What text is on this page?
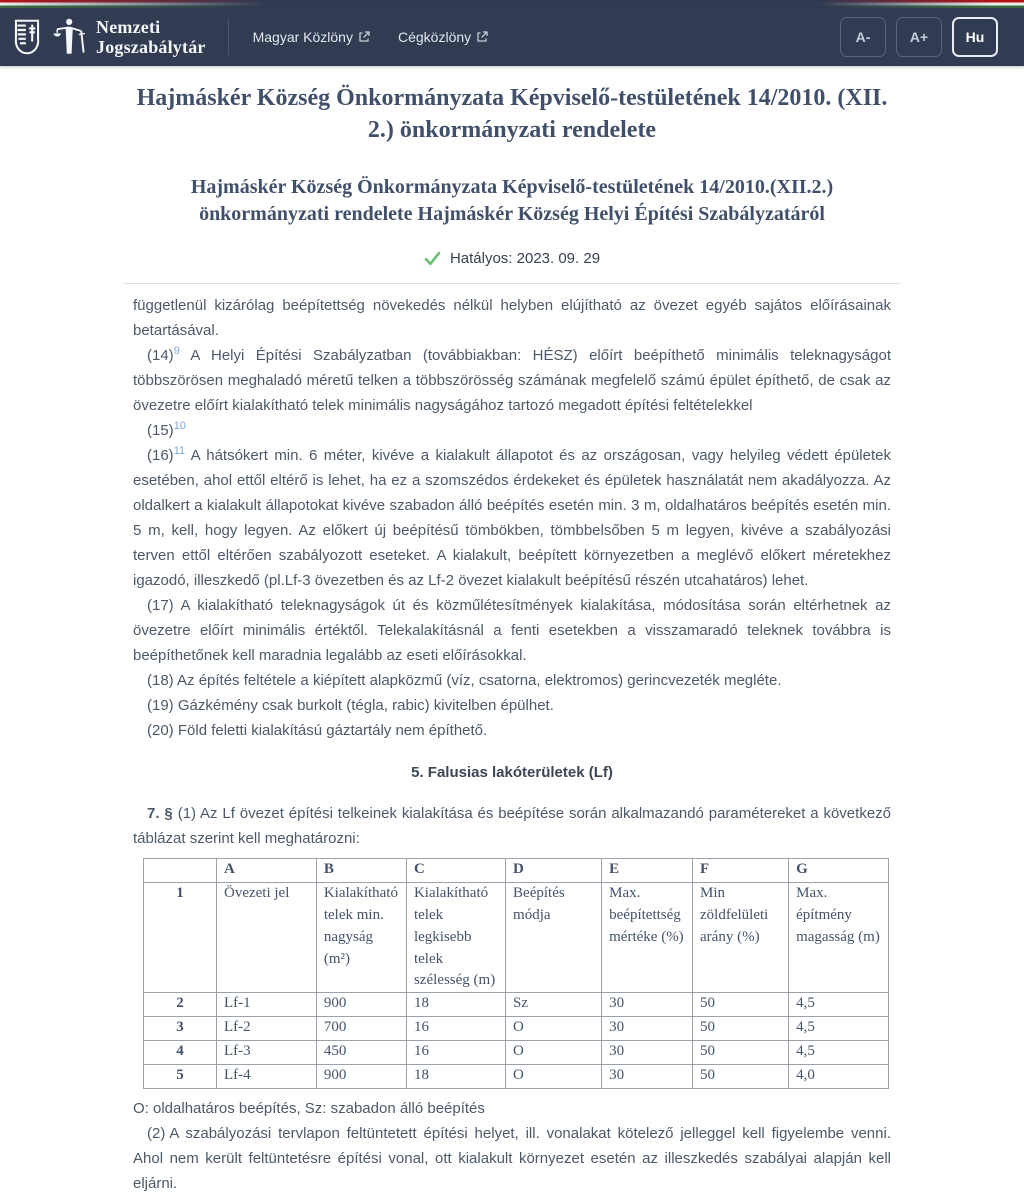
Nemzeti
Jogszabálytár	Magyar Közlöny	Cégközlöny	A-	A+	Hu
Hajmáskér Község Önkormányzata Képviselő-testületének 14/2010. (XII. 2.) önkormányzati rendelete
Hajmáskér Község Önkormányzata Képviselő-testületének 14/2010.(XII.2.) önkormányzati rendelete Hajmáskér Község Helyi Építési Szabályzatáról
Hatályos: 2023. 09. 29

függetlenül kizárólag beépítettség növekedés nélkül helyben elújítható az övezet egyéb sajátos előírásainak betartásával.

(14)$^9$ A Helyi Építési Szabályzatban (továbbiakban: HÉSZ) előírt beépíthető minimális teleknagyságot többszörösen meghaladó méretű telken a többszörösség számának megfelelő számú épület építhető, de csak az övezetre előírt kialakítható telek minimális nagyságához tartozó megadott építési feltételekkel

(15)$^{10}$

(16)$^{11}$ A hátsókert min. 6 méter, kivéve a kialakult állapotot és az országosan, vagy helyileg védett épületek esetében, ahol ettől eltérő is lehet, ha ez a szomszédos érdekeket és épületek használatát nem akadályozza. Az oldalkert a kialakult állapotokat kivéve szabadon álló beépítés esetén min. 3 m, oldalhatáros beépítés esetén min. 5 m, kell, hogy legyen. Az előkert új beépítésű tömbökben, tömbbelsőben 5 m legyen, kivéve a szabályozási terven ettől eltérően szabályozott eseteket. A kialakult, beépített környezetben a meglévő előkert méretekhez igazodó, illeszkedő (pl.Lf-3 övezetben és az Lf-2 övezet kialakult beépítésű részén utcahatáros) lehet.

(17) A kialakítható teleknagyságok út és közműlétesítmények kialakítása, módosítása során eltérhetnek az övezetre előírt minimális értéktől. Telekalakításnál a fenti esetekben a visszamaradó teleknek továbbra is beépíthetőnek kell maradnia legalább az eseti előírásokkal.

(18) Az építés feltétele a kiépített alapközmű (víz, csatorna, elektromos) gerincvezeték megléte.

(19) Gázkémény csak burkolt (tégla, rabic) kivitelben épülhet.

(20) Föld feletti kialakítású gáztartály nem építhető.

5. Falusias lakóterületek (Lf)

7. § (1) Az Lf övezet építési telkeinek kialakítása és beépítése során alkalmazandó paramétereket a következő táblázat szerint kell meghatározni:

	A	B	C	D	E	F	G
1	Övezeti jel	Kialakítható telek min. nagyság (m²)	Kialakítható telek legkisebb telek szélesség (m)	Beépítés módja	Max. beépítettség mértéke (%)	Min zöldfelületi arány (%)	Max. építmény magasság (m)
2	Lf-1	900	18	Sz	30	50	4,5
3	Lf-2	700	16	O	30	50	4,5
4	Lf-3	450	16	O	30	50	4,5
5	Lf-4	900	18	O	30	50	4,0

O: oldalhatáros beépítés, Sz: szabadon álló beépítés

(2) A szabályozási tervlapon feltüntetett építési helyet, ill. vonalakat kötelező jelleggel kell figyelembe venni. Ahol nem került feltüntetésre építési vonal, ott kialakult környezet esetén az illeszkedés szabályai alapján kell eljárni.
